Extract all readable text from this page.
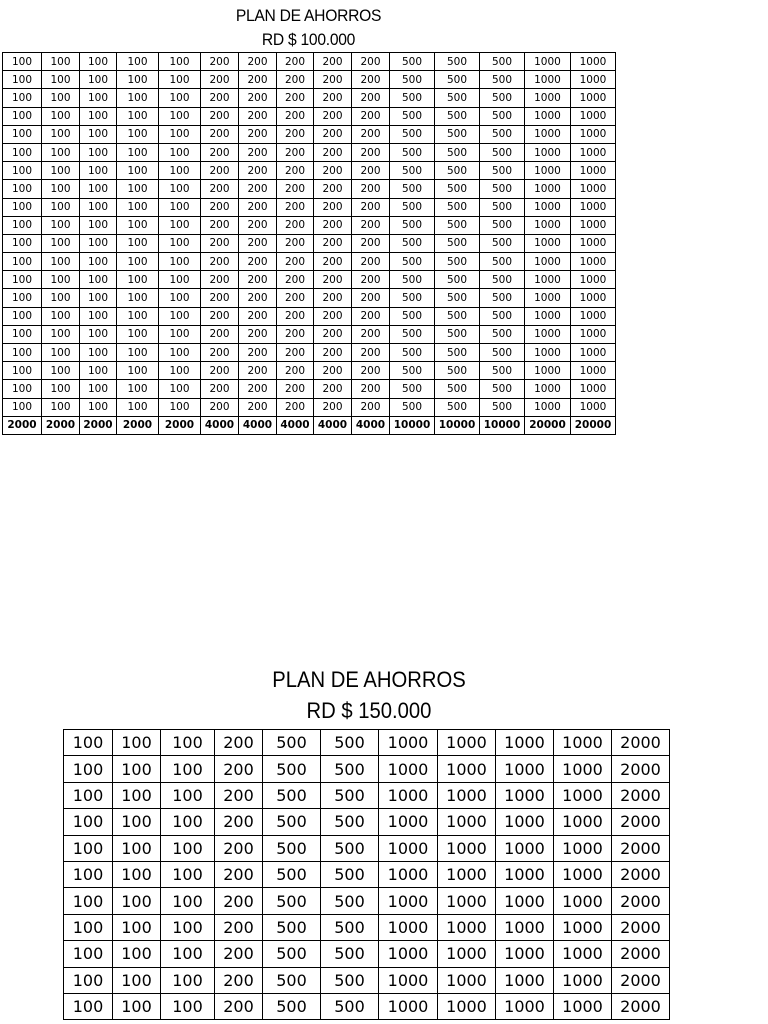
PLAN DE AHORROS
RD $ 100.000
100	100	100	100	100	200	200	200	200	200	500	500	500	1000	1000
100	100	100	100	100	200	200	200	200	200	500	500	500	1000	1000
100	100	100	100	100	200	200	200	200	200	500	500	500	1000	1000
100	100	100	100	100	200	200	200	200	200	500	500	500	1000	1000
100	100	100	100	100	200	200	200	200	200	500	500	500	1000	1000
100	100	100	100	100	200	200	200	200	200	500	500	500	1000	1000
100	100	100	100	100	200	200	200	200	200	500	500	500	1000	1000
100	100	100	100	100	200	200	200	200	200	500	500	500	1000	1000
100	100	100	100	100	200	200	200	200	200	500	500	500	1000	1000
100	100	100	100	100	200	200	200	200	200	500	500	500	1000	1000
100	100	100	100	100	200	200	200	200	200	500	500	500	1000	1000
100	100	100	100	100	200	200	200	200	200	500	500	500	1000	1000
100	100	100	100	100	200	200	200	200	200	500	500	500	1000	1000
100	100	100	100	100	200	200	200	200	200	500	500	500	1000	1000
100	100	100	100	100	200	200	200	200	200	500	500	500	1000	1000
100	100	100	100	100	200	200	200	200	200	500	500	500	1000	1000
100	100	100	100	100	200	200	200	200	200	500	500	500	1000	1000
100	100	100	100	100	200	200	200	200	200	500	500	500	1000	1000
100	100	100	100	100	200	200	200	200	200	500	500	500	1000	1000
100	100	100	100	100	200	200	200	200	200	500	500	500	1000	1000
2000	2000	2000	2000	2000	4000	4000	4000	4000	4000	10000	10000	10000	20000	20000
PLAN DE AHORROS
RD $ 150.000
100	100	100	200	500	500	1000	1000	1000	1000	2000
100	100	100	200	500	500	1000	1000	1000	1000	2000
100	100	100	200	500	500	1000	1000	1000	1000	2000
100	100	100	200	500	500	1000	1000	1000	1000	2000
100	100	100	200	500	500	1000	1000	1000	1000	2000
100	100	100	200	500	500	1000	1000	1000	1000	2000
100	100	100	200	500	500	1000	1000	1000	1000	2000
100	100	100	200	500	500	1000	1000	1000	1000	2000
100	100	100	200	500	500	1000	1000	1000	1000	2000
100	100	100	200	500	500	1000	1000	1000	1000	2000
100	100	100	200	500	500	1000	1000	1000	1000	2000
